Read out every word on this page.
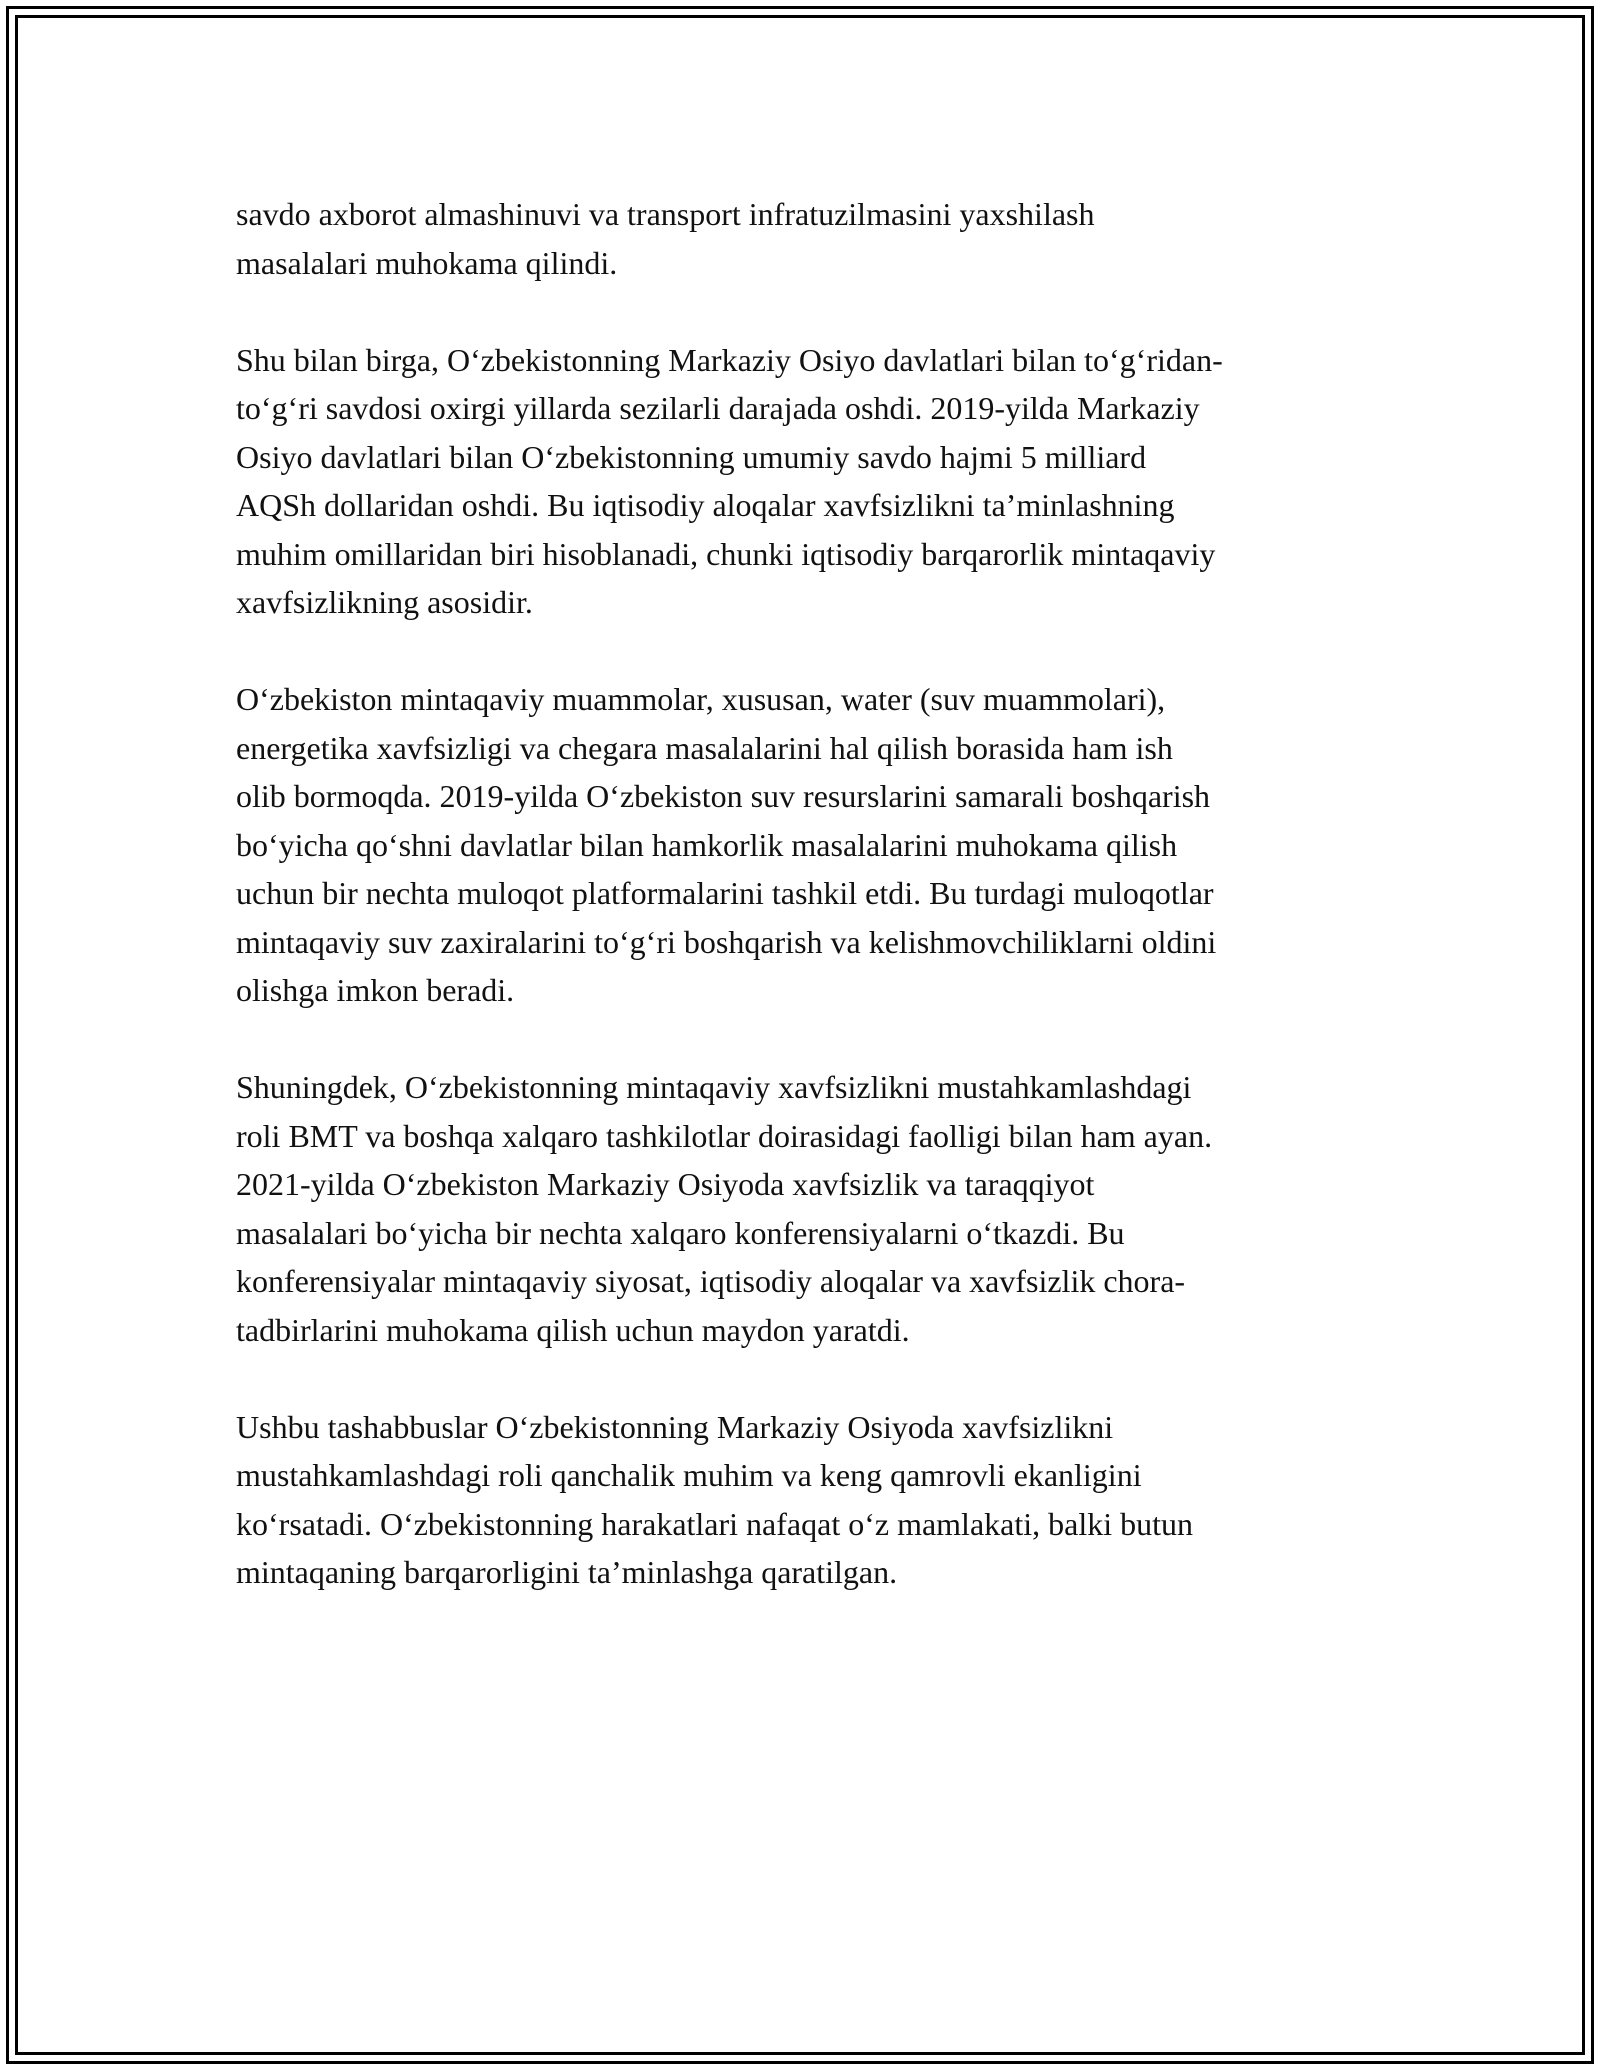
savdo axborot almashinuvi va transport infratuzilmasini yaxshilash
masalalari muhokama qilindi.

Shu bilan birga, O‘zbekistonning Markaziy Osiyo davlatlari bilan to‘g‘ridan-
to‘g‘ri savdosi oxirgi yillarda sezilarli darajada oshdi. 2019-yilda Markaziy
Osiyo davlatlari bilan O‘zbekistonning umumiy savdo hajmi 5 milliard
AQSh dollaridan oshdi. Bu iqtisodiy aloqalar xavfsizlikni ta’minlashning
muhim omillaridan biri hisoblanadi, chunki iqtisodiy barqarorlik mintaqaviy
xavfsizlikning asosidir.

O‘zbekiston mintaqaviy muammolar, xususan, water (suv muammolari),
energetika xavfsizligi va chegara masalalarini hal qilish borasida ham ish
olib bormoqda. 2019-yilda O‘zbekiston suv resurslarini samarali boshqarish
bo‘yicha qo‘shni davlatlar bilan hamkorlik masalalarini muhokama qilish
uchun bir nechta muloqot platformalarini tashkil etdi. Bu turdagi muloqotlar
mintaqaviy suv zaxiralarini to‘g‘ri boshqarish va kelishmovchiliklarni oldini
olishga imkon beradi.

Shuningdek, O‘zbekistonning mintaqaviy xavfsizlikni mustahkamlashdagi
roli BMT va boshqa xalqaro tashkilotlar doirasidagi faolligi bilan ham ayan.
2021-yilda O‘zbekiston Markaziy Osiyoda xavfsizlik va taraqqiyot
masalalari bo‘yicha bir nechta xalqaro konferensiyalarni o‘tkazdi. Bu
konferensiyalar mintaqaviy siyosat, iqtisodiy aloqalar va xavfsizlik chora-
tadbirlarini muhokama qilish uchun maydon yaratdi.

Ushbu tashabbuslar O‘zbekistonning Markaziy Osiyoda xavfsizlikni
mustahkamlashdagi roli qanchalik muhim va keng qamrovli ekanligini
ko‘rsatadi. O‘zbekistonning harakatlari nafaqat o‘z mamlakati, balki butun
mintaqaning barqarorligini ta’minlashga qaratilgan.
